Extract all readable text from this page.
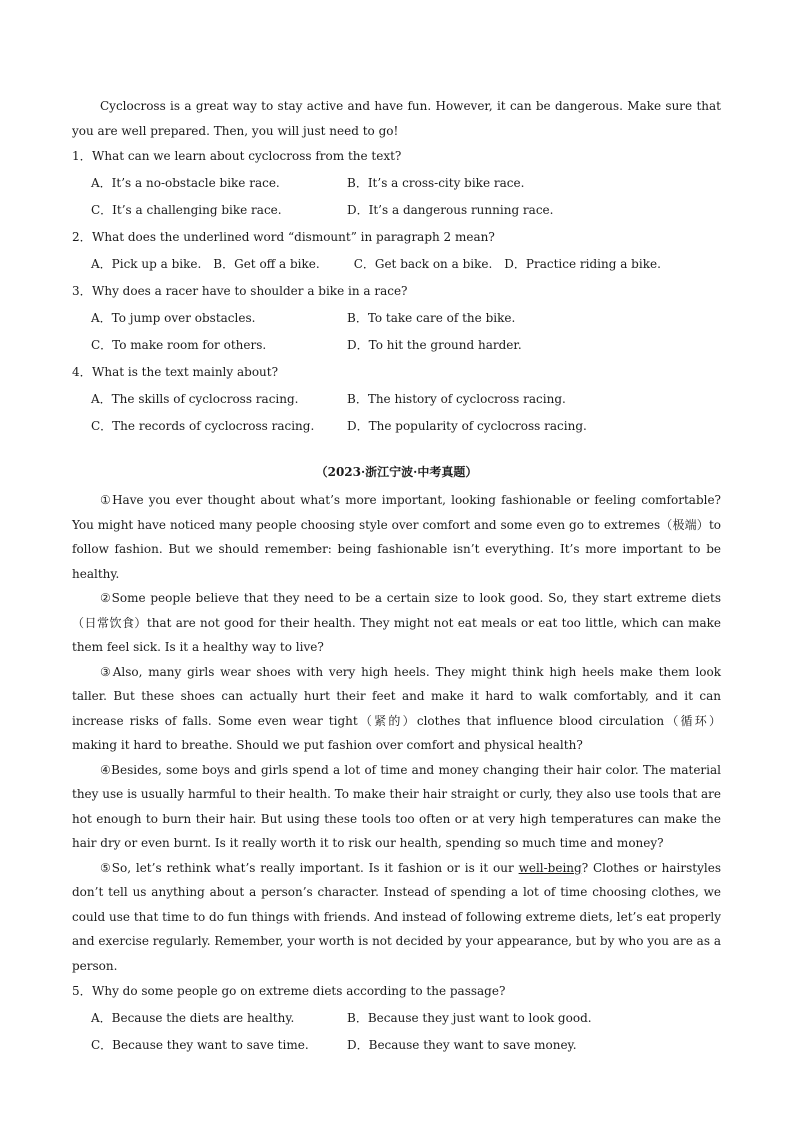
Cyclocross is a great way to stay active and have fun. However, it can be dangerous. Make sure that you are well prepared. Then, you will just need to go!

1． What can we learn about cyclocross from the text?
A．It’s a no-obstacle bike race.	B．It’s a cross-city bike race.
C．It’s a challenging bike race.	D．It’s a dangerous running race.
2． What does the underlined word “dismount” in paragraph 2 mean?
A．Pick up a bike. B．Get off a bike.	C．Get back on a bike. D．Practice riding a bike.
3． Why does a racer have to shoulder a bike in a race?
A．To jump over obstacles.	B．To take care of the bike.
C．To make room for others.	D．To hit the ground harder.
4． What is the text mainly about?
A．The skills of cyclocross racing.	B．The history of cyclocross racing.
C．The records of cyclocross racing.	D．The popularity of cyclocross racing.
（2023·浙江宁波·中考真题）

①Have you ever thought about what’s more important, looking fashionable or feeling comfortable? You might have noticed many people choosing style over comfort and some even go to extremes（极端）to follow fashion. But we should remember: being fashionable isn’t everything. It’s more important to be healthy.

②Some people believe that they need to be a certain size to look good. So, they start extreme diets（日常饮食）that are not good for their health. They might not eat meals or eat too little, which can make them feel sick. Is it a healthy way to live?

③Also, many girls wear shoes with very high heels. They might think high heels make them look taller. But these shoes can actually hurt their feet and make it hard to walk comfortably, and it can increase risks of falls. Some even wear tight（紧的）clothes that influence blood circulation（循环）making it hard to breathe. Should we put fashion over comfort and physical health?

④Besides, some boys and girls spend a lot of time and money changing their hair color. The material they use is usually harmful to their health. To make their hair straight or curly, they also use tools that are hot enough to burn their hair. But using these tools too often or at very high temperatures can make the hair dry or even burnt. Is it really worth it to risk our health, spending so much time and money?

⑤So, let’s rethink what’s really important. Is it fashion or is it our well-being? Clothes or hairstyles don’t tell us anything about a person’s character. Instead of spending a lot of time choosing clothes, we could use that time to do fun things with friends. And instead of following extreme diets, let’s eat properly and exercise regularly. Remember, your worth is not decided by your appearance, but by who you are as a person.

5． Why do some people go on extreme diets according to the passage?
A．Because the diets are healthy.	B．Because they just want to look good.
C．Because they want to save time.	D．Because they want to save money.
